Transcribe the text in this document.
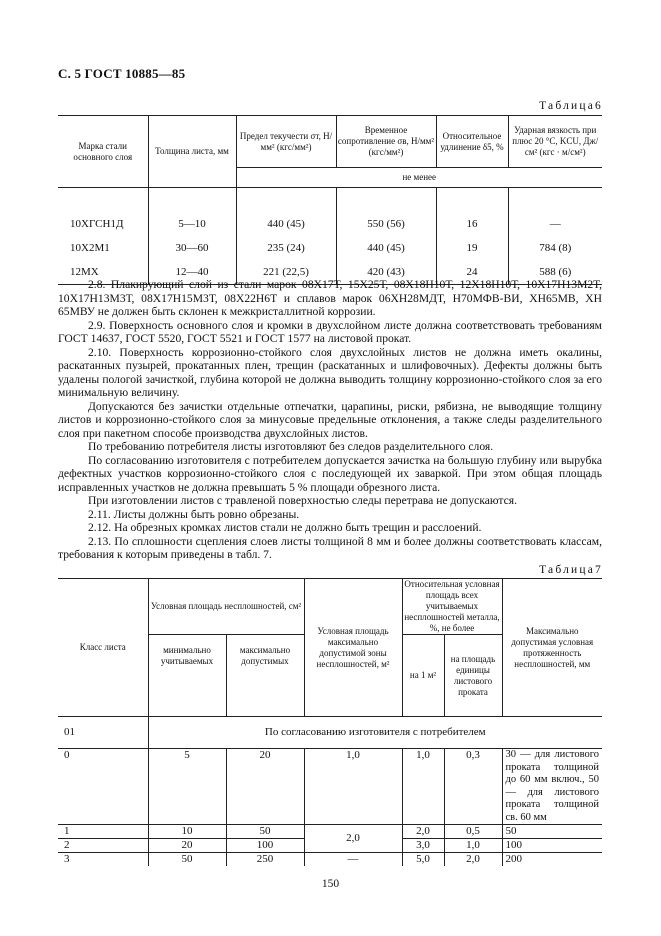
С. 5 ГОСТ 10885—85
Таблица6
Марка стали основного слоя	Толщина листа, мм	Предел текучести σт, Н/мм² (кгс/мм²)	Временное сопротивление σв, Н/мм² (кгс/мм²)	Относительное удлинение δ5, %	Ударная вязкость при плюс 20 °С, KCU, Дж/см² (кгс · м/см²)
		не менее			

10ХГСН1Д	5—10	440 (45)	550 (56)	16	—
10Х2М1	30—60	235 (24)	440 (45)	19	784 (8)
12МХ	12—40	221 (22,5)	420 (43)	24	588 (6)

2.8. Плакирующий слой из стали марок 08Х17Т, 15Х25Т, 08Х18Н10Т, 12Х18Н10Т, 10Х17Н13М2Т, 10Х17Н13М3Т, 08Х17Н15М3Т, 08Х22Н6Т и сплавов марок 06ХН28МДТ, Н70МФВ-ВИ, ХН65МВ, ХН 65МВУ не должен быть склонен к межкристаллитной коррозии.

2.9. Поверхность основного слоя и кромки в двухслойном листе должна соответствовать требованиям ГОСТ 14637, ГОСТ 5520, ГОСТ 5521 и ГОСТ 1577 на листовой прокат.

2.10. Поверхность коррозионно-стойкого слоя двухслойных листов не должна иметь окалины, раскатанных пузырей, прокатанных плен, трещин (раскатанных и шлифовочных). Дефекты должны быть удалены пологой зачисткой, глубина которой не должна выводить толщину коррозионно-стойкого слоя за его минимальную величину.

Допускаются без зачистки отдельные отпечатки, царапины, риски, рябизна, не выводящие толщину листов и коррозионно-стойкого слоя за минусовые предельные отклонения, а также следы разделительного слоя при пакетном способе производства двухслойных листов.

По требованию потребителя листы изготовляют без следов разделительного слоя.

По согласованию изготовителя с потребителем допускается зачистка на большую глубину или вырубка дефектных участков коррозионно-стойкого слоя с последующей их заваркой. При этом общая площадь исправленных участков не должна превышать 5 % площади обрезного листа.

При изготовлении листов с травленой поверхностью следы перетрава не допускаются.

2.11. Листы должны быть ровно обрезаны.

2.12. На обрезных кромках листов стали не должно быть трещин и расслоений.

2.13. По сплошности сцепления слоев листы толщиной 8 мм и более должны соответствовать классам, требования к которым приведены в табл. 7.

Таблица7
Класс листа	Условная площадь несплошностей, см²		Условная площадь максимально допустимой зоны несплошностей, м²	Относительная условная площадь всех учитываемых несплошностей металла, %, не более		Максимально допустимая условная протяженность несплошностей, мм
	минимально учитываемых	максимально допустимых		на 1 м²	на площадь единицы листового проката	
01	По согласованию изготовителя с потребителем					
0	5	20	1,0	1,0	0,3	30 — для листового проката толщиной до 60 мм включ., 50 — для листового проката толщиной св. 60 мм
1	10	50	2,0	2,0	0,5	50
2	20	100		3,0	1,0	100
3	50	250	—	5,0	2,0	200
150
